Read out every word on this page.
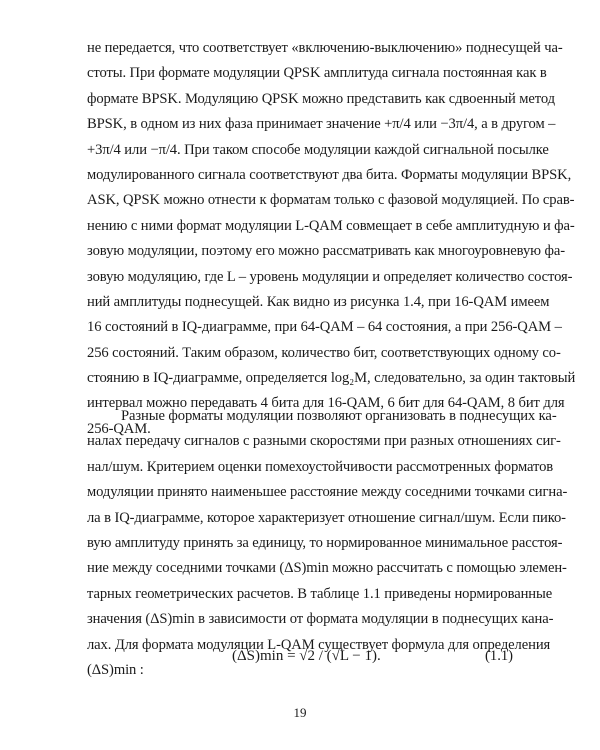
не передается, что соответствует «включению-выключению» поднесущей ча-
стоты. При формате модуляции QPSK амплитуда сигнала постоянная как в
формате BPSK. Модуляцию QPSK можно представить как сдвоенный метод
BPSK, в одном из них фаза принимает значение +π/4 или −3π/4, а в другом –
+3π/4 или −π/4. При таком способе модуляции каждой сигнальной посылке
модулированного сигнала соответствуют два бита. Форматы модуляции BPSK,
ASK, QPSK можно отнести к форматам только с фазовой модуляцией. По срав-
нению с ними формат модуляции L-QAM совмещает в себе амплитудную и фа-
зовую модуляции, поэтому его можно рассматривать как многоуровневую фа-
зовую модуляцию, где L – уровень модуляции и определяет количество состоя-
ний амплитуды поднесущей. Как видно из рисунка 1.4, при 16-QAM имеем
16 состояний в IQ-диаграмме, при 64-QAM – 64 состояния, а при 256-QAM –
256 состояний. Таким образом, количество бит, соответствующих одному со-
стоянию в IQ-диаграмме, определяется log₂M, следовательно, за один тактовый
интервал можно передавать 4 бита для 16-QAM, 6 бит для 64-QAM, 8 бит для
256-QAM.
Разные форматы модуляции позволяют организовать в поднесущих ка-
налах передачу сигналов с разными скоростями при разных отношениях сиг-
нал/шум. Критерием оценки помехоустойчивости рассмотренных форматов
модуляции принято наименьшее расстояние между соседними точками сигна-
ла в IQ-диаграмме, которое характеризует отношение сигнал/шум. Если пико-
вую амплитуду принять за единицу, то нормированное минимальное расстоя-
ние между соседними точками (ΔS)min можно рассчитать с помощью элемен-
тарных геометрических расчетов. В таблице 1.1 приведены нормированные
значения (ΔS)min в зависимости от формата модуляции в поднесущих кана-
лах. Для формата модуляции L-QAM существует формула для определения
(ΔS)min :
(ΔS)min = √2 / (√L − 1).	(1.1)
19
